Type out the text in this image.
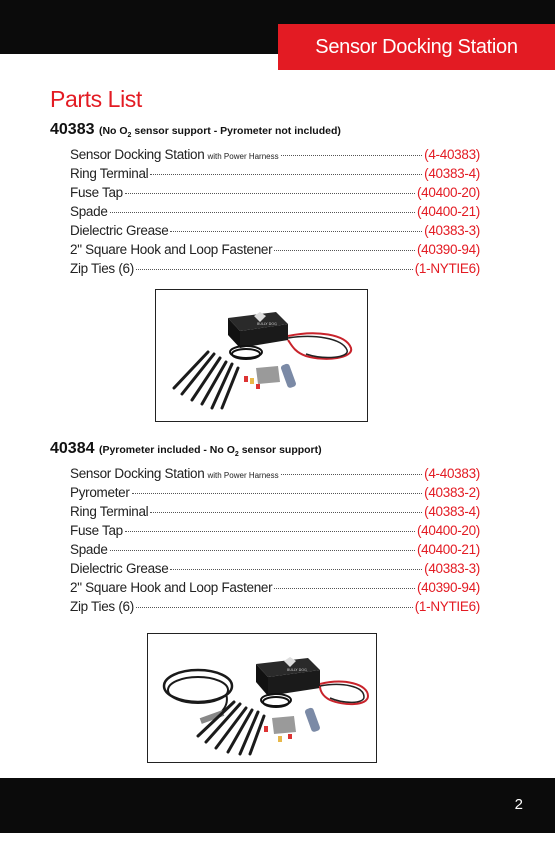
Sensor Docking Station
Parts List
40383 (No $O_2$ sensor support - Pyrometer not included)
Sensor Docking Station with Power Harness	(4-40383)
Ring Terminal	(40383-4)
Fuse Tap	(40400-20)
Spade	(40400-21)
Dielectric Grease	(40383-3)
2" Square Hook and Loop Fastener	(40390-94)
Zip Ties (6)	(1-NYTIE6)
BULLY DOG
40384 (Pyrometer included - No $O_2$ sensor support)
Sensor Docking Station with Power Harness	(4-40383)
Pyrometer	(40383-2)
Ring Terminal	(40383-4)
Fuse Tap	(40400-20)
Spade	(40400-21)
Dielectric Grease	(40383-3)
2" Square Hook and Loop Fastener	(40390-94)
Zip Ties (6)	(1-NYTIE6)
BULLY DOG
2
